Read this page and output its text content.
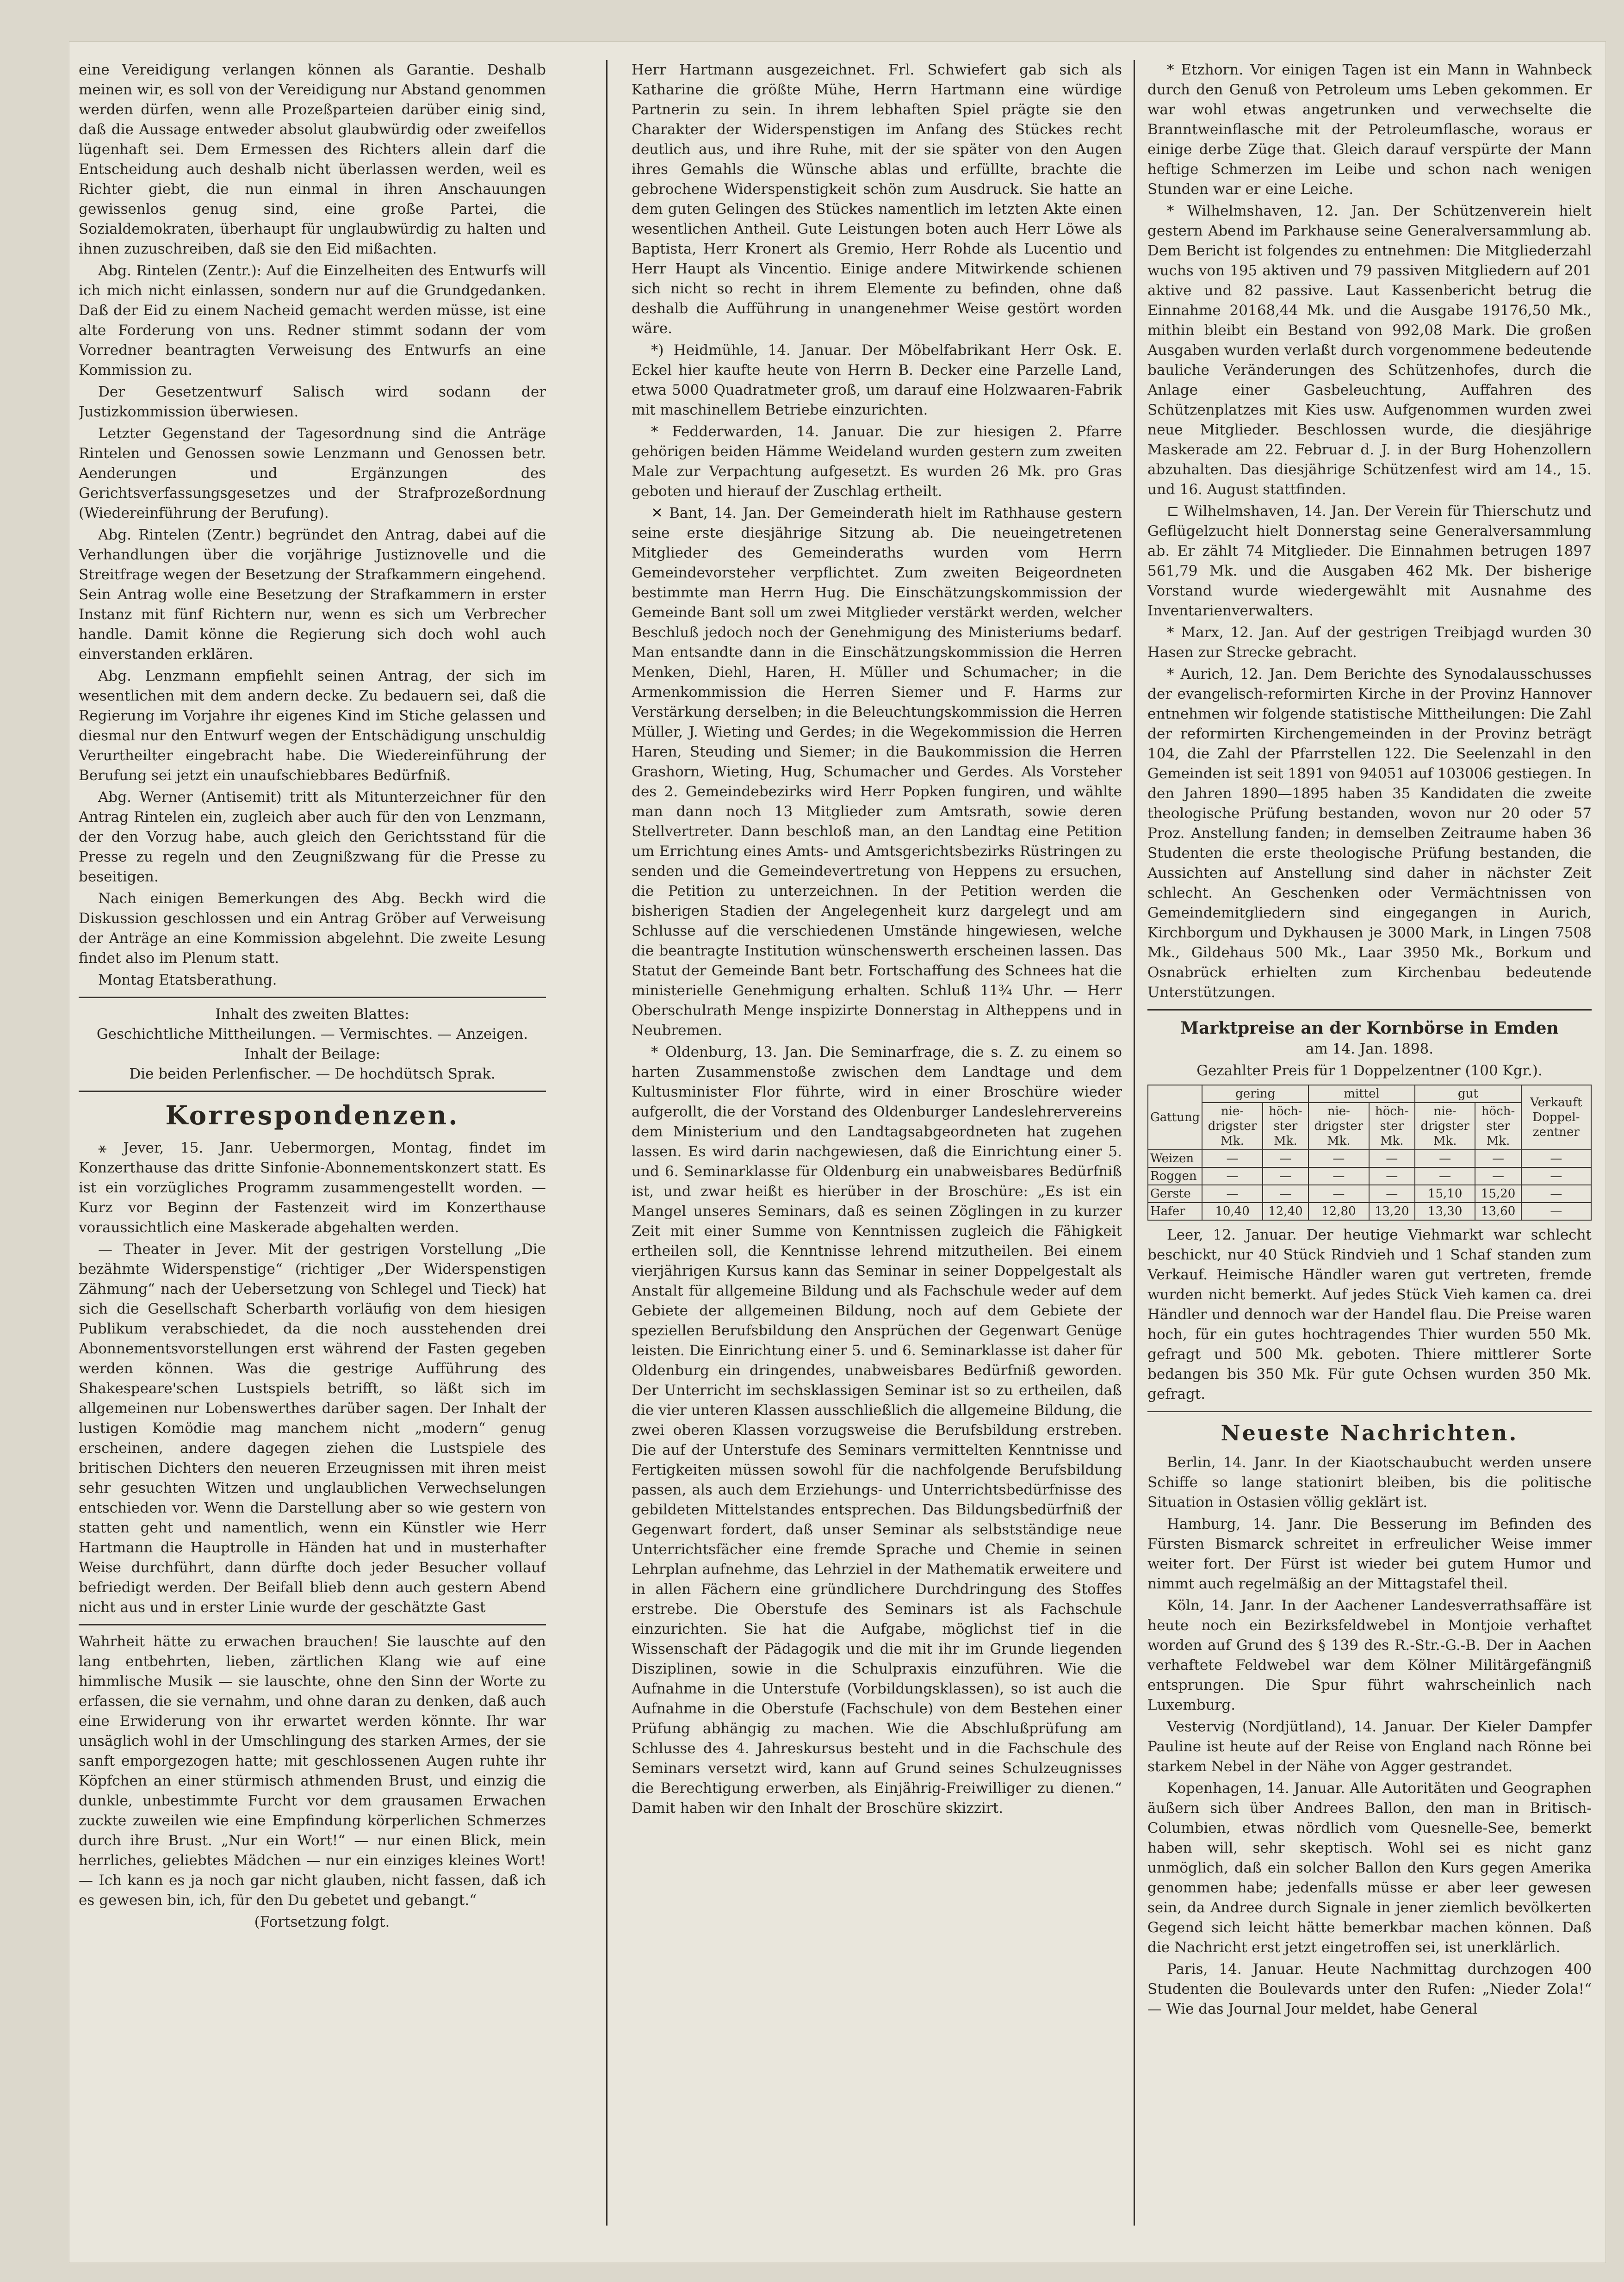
eine Vereidigung verlangen können als Garantie. Deshalb meinen wir, es soll von der Vereidigung nur Abstand genommen werden dürfen, wenn alle Prozeßparteien darüber einig sind, daß die Aussage entweder absolut glaubwürdig oder zweifellos lügenhaft sei. Dem Ermessen des Richters allein darf die Entscheidung auch deshalb nicht überlassen werden, weil es Richter giebt, die nun einmal in ihren Anschauungen gewissenlos genug sind, eine große Partei, die Sozialdemokraten, überhaupt für unglaubwürdig zu halten und ihnen zuzuschreiben, daß sie den Eid mißachten.

Abg. Rintelen (Zentr.): Auf die Einzelheiten des Entwurfs will ich mich nicht einlassen, sondern nur auf die Grundgedanken. Daß der Eid zu einem Nacheid gemacht werden müsse, ist eine alte Forderung von uns. Redner stimmt sodann der vom Vorredner beantragten Verweisung des Entwurfs an eine Kommission zu.

Der Gesetzentwurf Salisch wird sodann der Justizkommission überwiesen.

Letzter Gegenstand der Tagesordnung sind die Anträge Rintelen und Genossen sowie Lenzmann und Genossen betr. Aenderungen und Ergänzungen des Gerichtsverfassungsgesetzes und der Strafprozeßordnung (Wiedereinführung der Berufung).

Abg. Rintelen (Zentr.) begründet den Antrag, dabei auf die Verhandlungen über die vorjährige Justiznovelle und die Streitfrage wegen der Besetzung der Strafkammern eingehend. Sein Antrag wolle eine Besetzung der Strafkammern in erster Instanz mit fünf Richtern nur, wenn es sich um Verbrecher handle. Damit könne die Regierung sich doch wohl auch einverstanden erklären.

Abg. Lenzmann empfiehlt seinen Antrag, der sich im wesentlichen mit dem andern decke. Zu bedauern sei, daß die Regierung im Vorjahre ihr eigenes Kind im Stiche gelassen und diesmal nur den Entwurf wegen der Entschädigung unschuldig Verurtheilter eingebracht habe. Die Wiedereinführung der Berufung sei jetzt ein unaufschiebbares Bedürfniß.

Abg. Werner (Antisemit) tritt als Mitunterzeichner für den Antrag Rintelen ein, zugleich aber auch für den von Lenzmann, der den Vorzug habe, auch gleich den Gerichtsstand für die Presse zu regeln und den Zeugnißzwang für die Presse zu beseitigen.

Nach einigen Bemerkungen des Abg. Beckh wird die Diskussion geschlossen und ein Antrag Gröber auf Verweisung der Anträge an eine Kommission abgelehnt. Die zweite Lesung findet also im Plenum statt.

Montag Etatsberathung.

Inhalt des zweiten Blattes:

Geschichtliche Mittheilungen. — Vermischtes. — Anzeigen.

Inhalt der Beilage:

Die beiden Perlenfischer. — De hochdütsch Sprak.

Korrespondenzen.

⚹ Jever, 15. Janr. Uebermorgen, Montag, findet im Konzerthause das dritte Sinfonie-Abonnementskonzert statt. Es ist ein vorzügliches Programm zusammengestellt worden. — Kurz vor Beginn der Fastenzeit wird im Konzerthause voraussichtlich eine Maskerade abgehalten werden.

— Theater in Jever. Mit der gestrigen Vorstellung „Die bezähmte Widerspenstige“ (richtiger „Der Widerspenstigen Zähmung“ nach der Uebersetzung von Schlegel und Tieck) hat sich die Gesellschaft Scherbarth vorläufig von dem hiesigen Publikum verabschiedet, da die noch ausstehenden drei Abonnementsvorstellungen erst während der Fasten gegeben werden können. Was die gestrige Aufführung des Shakespeare'schen Lustspiels betrifft, so läßt sich im allgemeinen nur Lobenswerthes darüber sagen. Der Inhalt der lustigen Komödie mag manchem nicht „modern“ genug erscheinen, andere dagegen ziehen die Lustspiele des britischen Dichters den neueren Erzeugnissen mit ihren meist sehr gesuchten Witzen und unglaublichen Verwechselungen entschieden vor. Wenn die Darstellung aber so wie gestern von statten geht und namentlich, wenn ein Künstler wie Herr Hartmann die Hauptrolle in Händen hat und in musterhafter Weise durchführt, dann dürfte doch jeder Besucher vollauf befriedigt werden. Der Beifall blieb denn auch gestern Abend nicht aus und in erster Linie wurde der geschätzte Gast

Wahrheit hätte zu erwachen brauchen! Sie lauschte auf den lang entbehrten, lieben, zärtlichen Klang wie auf eine himmlische Musik — sie lauschte, ohne den Sinn der Worte zu erfassen, die sie vernahm, und ohne daran zu denken, daß auch eine Erwiderung von ihr erwartet werden könnte. Ihr war unsäglich wohl in der Umschlingung des starken Armes, der sie sanft emporgezogen hatte; mit geschlossenen Augen ruhte ihr Köpfchen an einer stürmisch athmenden Brust, und einzig die dunkle, unbestimmte Furcht vor dem grausamen Erwachen zuckte zuweilen wie eine Empfindung körperlichen Schmerzes durch ihre Brust. „Nur ein Wort!“ — nur einen Blick, mein herrliches, geliebtes Mädchen — nur ein einziges kleines Wort! — Ich kann es ja noch gar nicht glauben, nicht fassen, daß ich es gewesen bin, ich, für den Du gebetet und gebangt.“

(Fortsetzung folgt.

Herr Hartmann ausgezeichnet. Frl. Schwiefert gab sich als Katharine die größte Mühe, Herrn Hartmann eine würdige Partnerin zu sein. In ihrem lebhaften Spiel prägte sie den Charakter der Widerspenstigen im Anfang des Stückes recht deutlich aus, und ihre Ruhe, mit der sie später von den Augen ihres Gemahls die Wünsche ablas und erfüllte, brachte die gebrochene Widerspenstigkeit schön zum Ausdruck. Sie hatte an dem guten Gelingen des Stückes namentlich im letzten Akte einen wesentlichen Antheil. Gute Leistungen boten auch Herr Löwe als Baptista, Herr Kronert als Gremio, Herr Rohde als Lucentio und Herr Haupt als Vincentio. Einige andere Mitwirkende schienen sich nicht so recht in ihrem Elemente zu befinden, ohne daß deshalb die Aufführung in unangenehmer Weise gestört worden wäre.

*) Heidmühle, 14. Januar. Der Möbelfabrikant Herr Osk. E. Eckel hier kaufte heute von Herrn B. Decker eine Parzelle Land, etwa 5000 Quadratmeter groß, um darauf eine Holzwaaren-Fabrik mit maschinellem Betriebe einzurichten.

* Fedderwarden, 14. Januar. Die zur hiesigen 2. Pfarre gehörigen beiden Hämme Weideland wurden gestern zum zweiten Male zur Verpachtung aufgesetzt. Es wurden 26 Mk. pro Gras geboten und hierauf der Zuschlag ertheilt.

✕ Bant, 14. Jan. Der Gemeinderath hielt im Rathhause gestern seine erste diesjährige Sitzung ab. Die neueingetretenen Mitglieder des Gemeinderaths wurden vom Herrn Gemeindevorsteher verpflichtet. Zum zweiten Beigeordneten bestimmte man Herrn Hug. Die Einschätzungskommission der Gemeinde Bant soll um zwei Mitglieder verstärkt werden, welcher Beschluß jedoch noch der Genehmigung des Ministeriums bedarf. Man entsandte dann in die Einschätzungskommission die Herren Menken, Diehl, Haren, H. Müller und Schumacher; in die Armenkommission die Herren Siemer und F. Harms zur Verstärkung derselben; in die Beleuchtungskommission die Herren Müller, J. Wieting und Gerdes; in die Wegekommission die Herren Haren, Steuding und Siemer; in die Baukommission die Herren Grashorn, Wieting, Hug, Schumacher und Gerdes. Als Vorsteher des 2. Gemeindebezirks wird Herr Popken fungiren, und wählte man dann noch 13 Mitglieder zum Amtsrath, sowie deren Stellvertreter. Dann beschloß man, an den Landtag eine Petition um Errichtung eines Amts- und Amtsgerichtsbezirks Rüstringen zu senden und die Gemeindevertretung von Heppens zu ersuchen, die Petition zu unterzeichnen. In der Petition werden die bisherigen Stadien der Angelegenheit kurz dargelegt und am Schlusse auf die verschiedenen Umstände hingewiesen, welche die beantragte Institution wünschenswerth erscheinen lassen. Das Statut der Gemeinde Bant betr. Fortschaffung des Schnees hat die ministerielle Genehmigung erhalten. Schluß 11¾ Uhr. — Herr Oberschulrath Menge inspizirte Donnerstag in Altheppens und in Neubremen.

* Oldenburg, 13. Jan. Die Seminarfrage, die s. Z. zu einem so harten Zusammenstoße zwischen dem Landtage und dem Kultusminister Flor führte, wird in einer Broschüre wieder aufgerollt, die der Vorstand des Oldenburger Landeslehrervereins dem Ministerium und den Landtagsabgeordneten hat zugehen lassen. Es wird darin nachgewiesen, daß die Einrichtung einer 5. und 6. Seminarklasse für Oldenburg ein unabweisbares Bedürfniß ist, und zwar heißt es hierüber in der Broschüre: „Es ist ein Mangel unseres Seminars, daß es seinen Zöglingen in zu kurzer Zeit mit einer Summe von Kenntnissen zugleich die Fähigkeit ertheilen soll, die Kenntnisse lehrend mitzutheilen. Bei einem vierjährigen Kursus kann das Seminar in seiner Doppelgestalt als Anstalt für allgemeine Bildung und als Fachschule weder auf dem Gebiete der allgemeinen Bildung, noch auf dem Gebiete der speziellen Berufsbildung den Ansprüchen der Gegenwart Genüge leisten. Die Einrichtung einer 5. und 6. Seminarklasse ist daher für Oldenburg ein dringendes, unabweisbares Bedürfniß geworden. Der Unterricht im sechsklassigen Seminar ist so zu ertheilen, daß die vier unteren Klassen ausschließlich die allgemeine Bildung, die zwei oberen Klassen vorzugsweise die Berufsbildung erstreben. Die auf der Unterstufe des Seminars vermittelten Kenntnisse und Fertigkeiten müssen sowohl für die nachfolgende Berufsbildung passen, als auch dem Erziehungs- und Unterrichtsbedürfnisse des gebildeten Mittelstandes entsprechen. Das Bildungsbedürfniß der Gegenwart fordert, daß unser Seminar als selbstständige neue Unterrichtsfächer eine fremde Sprache und Chemie in seinen Lehrplan aufnehme, das Lehrziel in der Mathematik erweitere und in allen Fächern eine gründlichere Durchdringung des Stoffes erstrebe. Die Oberstufe des Seminars ist als Fachschule einzurichten. Sie hat die Aufgabe, möglichst tief in die Wissenschaft der Pädagogik und die mit ihr im Grunde liegenden Disziplinen, sowie in die Schulpraxis einzuführen. Wie die Aufnahme in die Unterstufe (Vorbildungsklassen), so ist auch die Aufnahme in die Oberstufe (Fachschule) von dem Bestehen einer Prüfung abhängig zu machen. Wie die Abschlußprüfung am Schlusse des 4. Jahreskursus besteht und in die Fachschule des Seminars versetzt wird, kann auf Grund seines Schulzeugnisses die Berechtigung erwerben, als Einjährig-Freiwilliger zu dienen.“ Damit haben wir den Inhalt der Broschüre skizzirt.

* Etzhorn. Vor einigen Tagen ist ein Mann in Wahnbeck durch den Genuß von Petroleum ums Leben gekommen. Er war wohl etwas angetrunken und verwechselte die Branntweinflasche mit der Petroleumflasche, woraus er einige derbe Züge that. Gleich darauf verspürte der Mann heftige Schmerzen im Leibe und schon nach wenigen Stunden war er eine Leiche.

* Wilhelmshaven, 12. Jan. Der Schützenverein hielt gestern Abend im Parkhause seine Generalversammlung ab. Dem Bericht ist folgendes zu entnehmen: Die Mitgliederzahl wuchs von 195 aktiven und 79 passiven Mitgliedern auf 201 aktive und 82 passive. Laut Kassenbericht betrug die Einnahme 20168,44 Mk. und die Ausgabe 19176,50 Mk., mithin bleibt ein Bestand von 992,08 Mark. Die großen Ausgaben wurden verlaßt durch vorgenommene bedeutende bauliche Veränderungen des Schützenhofes, durch die Anlage einer Gasbeleuchtung, Auffahren des Schützenplatzes mit Kies usw. Aufgenommen wurden zwei neue Mitglieder. Beschlossen wurde, die diesjährige Maskerade am 22. Februar d. J. in der Burg Hohenzollern abzuhalten. Das diesjährige Schützenfest wird am 14., 15. und 16. August stattfinden.

⊏ Wilhelmshaven, 14. Jan. Der Verein für Thierschutz und Geflügelzucht hielt Donnerstag seine Generalversammlung ab. Er zählt 74 Mitglieder. Die Einnahmen betrugen 1897 561,79 Mk. und die Ausgaben 462 Mk. Der bisherige Vorstand wurde wiedergewählt mit Ausnahme des Inventarienverwalters.

* Marx, 12. Jan. Auf der gestrigen Treibjagd wurden 30 Hasen zur Strecke gebracht.

* Aurich, 12. Jan. Dem Berichte des Synodalausschusses der evangelisch-reformirten Kirche in der Provinz Hannover entnehmen wir folgende statistische Mittheilungen: Die Zahl der reformirten Kirchengemeinden in der Provinz beträgt 104, die Zahl der Pfarrstellen 122. Die Seelenzahl in den Gemeinden ist seit 1891 von 94051 auf 103006 gestiegen. In den Jahren 1890—1895 haben 35 Kandidaten die zweite theologische Prüfung bestanden, wovon nur 20 oder 57 Proz. Anstellung fanden; in demselben Zeitraume haben 36 Studenten die erste theologische Prüfung bestanden, die Aussichten auf Anstellung sind daher in nächster Zeit schlecht. An Geschenken oder Vermächtnissen von Gemeindemitgliedern sind eingegangen in Aurich, Kirchborgum und Dykhausen je 3000 Mark, in Lingen 7508 Mk., Gildehaus 500 Mk., Laar 3950 Mk., Borkum und Osnabrück erhielten zum Kirchenbau bedeutende Unterstützungen.

Marktpreise an der Kornbörse in Emden

am 14. Jan. 1898.

Gezahlter Preis für 1 Doppelzentner (100 Kgr.).

Gattung	gering		mittel		gut		Verkauft Doppel-zentner
	nie-drigster Mk.	höch-ster Mk.	nie-drigster Mk.	höch-ster Mk.	nie-drigster Mk.	höch-ster Mk.	
Weizen	—	—	—	—	—	—	—
Roggen	—	—	—	—	—	—	—
Gerste	—	—	—	—	15,10	15,20	—
Hafer	10,40	12,40	12,80	13,20	13,30	13,60	—

Leer, 12. Januar. Der heutige Viehmarkt war schlecht beschickt, nur 40 Stück Rindvieh und 1 Schaf standen zum Verkauf. Heimische Händler waren gut vertreten, fremde wurden nicht bemerkt. Auf jedes Stück Vieh kamen ca. drei Händler und dennoch war der Handel flau. Die Preise waren hoch, für ein gutes hochtragendes Thier wurden 550 Mk. gefragt und 500 Mk. geboten. Thiere mittlerer Sorte bedangen bis 350 Mk. Für gute Ochsen wurden 350 Mk. gefragt.

Neueste Nachrichten.

Berlin, 14. Janr. In der Kiaotschaubucht werden unsere Schiffe so lange stationirt bleiben, bis die politische Situation in Ostasien völlig geklärt ist.

Hamburg, 14. Janr. Die Besserung im Befinden des Fürsten Bismarck schreitet in erfreulicher Weise immer weiter fort. Der Fürst ist wieder bei gutem Humor und nimmt auch regelmäßig an der Mittagstafel theil.

Köln, 14. Janr. In der Aachener Landesverrathsaffäre ist heute noch ein Bezirksfeldwebel in Montjoie verhaftet worden auf Grund des § 139 des R.-Str.-G.-B. Der in Aachen verhaftete Feldwebel war dem Kölner Militärgefängniß entsprungen. Die Spur führt wahrscheinlich nach Luxemburg.

Vestervig (Nordjütland), 14. Januar. Der Kieler Dampfer Pauline ist heute auf der Reise von England nach Rönne bei starkem Nebel in der Nähe von Agger gestrandet.

Kopenhagen, 14. Januar. Alle Autoritäten und Geographen äußern sich über Andrees Ballon, den man in Britisch-Columbien, etwas nördlich vom Quesnelle-See, bemerkt haben will, sehr skeptisch. Wohl sei es nicht ganz unmöglich, daß ein solcher Ballon den Kurs gegen Amerika genommen habe; jedenfalls müsse er aber leer gewesen sein, da Andree durch Signale in jener ziemlich bevölkerten Gegend sich leicht hätte bemerkbar machen können. Daß die Nachricht erst jetzt eingetroffen sei, ist unerklärlich.

Paris, 14. Januar. Heute Nachmittag durchzogen 400 Studenten die Boulevards unter den Rufen: „Nieder Zola!“ — Wie das Journal Jour meldet, habe General
